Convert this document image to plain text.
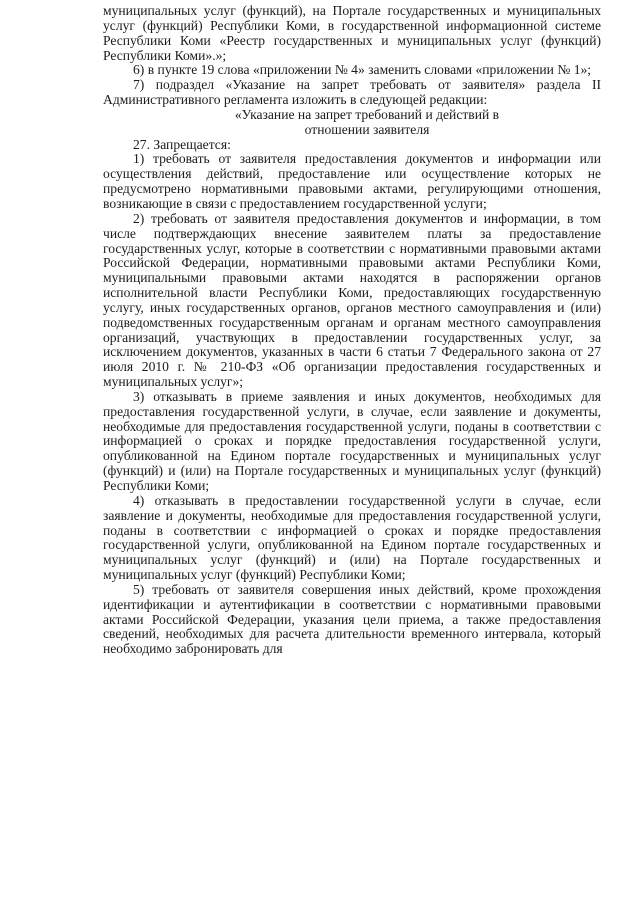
муниципальных услуг (функций), на Портале государственных и муниципальных услуг (функций) Республики Коми, в государственной информационной системе Республики Коми «Реестр государственных и муниципальных услуг (функций) Республики Коми».»;

6) в пункте 19 слова «приложении № 4» заменить словами «приложении № 1»;

7) подраздел «Указание на запрет требовать от заявителя» раздела II Административного регламента изложить в следующей редакции:

«Указание на запрет требований и действий в
отношении заявителя

27. Запрещается:

1) требовать от заявителя предоставления документов и информации или осуществления действий, предоставление или осуществление которых не предусмотрено нормативными правовыми актами, регулирующими отношения, возникающие в связи с предоставлением государственной услуги;

2) требовать от заявителя предоставления документов и информации, в том числе подтверждающих внесение заявителем платы за предоставление государственных услуг, которые в соответствии с нормативными правовыми актами Российской Федерации, нормативными правовыми актами Республики Коми, муниципальными правовыми актами находятся в распоряжении органов исполнительной власти Республики Коми, предоставляющих государственную услугу, иных государственных органов, органов местного самоуправления и (или) подведомственных государственным органам и органам местного самоуправления организаций, участвующих в предоставлении государственных услуг, за исключением документов, указанных в части 6 статьи 7 Федерального закона от 27 июля 2010 г. № 210-ФЗ «Об организации предоставления государственных и муниципальных услуг»;

3) отказывать в приеме заявления и иных документов, необходимых для предоставления государственной услуги, в случае, если заявление и документы, необходимые для предоставления государственной услуги, поданы в соответствии с информацией о сроках и порядке предоставления государственной услуги, опубликованной на Едином портале государственных и муниципальных услуг (функций) и (или) на Портале государственных и муниципальных услуг (функций) Республики Коми;

4) отказывать в предоставлении государственной услуги в случае, если заявление и документы, необходимые для предоставления государственной услуги, поданы в соответствии с информацией о сроках и порядке предоставления государственной услуги, опубликованной на Едином портале государственных и муниципальных услуг (функций) и (или) на Портале государственных и муниципальных услуг (функций) Республики Коми;

5) требовать от заявителя совершения иных действий, кроме прохождения идентификации и аутентификации в соответствии с нормативными правовыми актами Российской Федерации, указания цели приема, а также предоставления сведений, необходимых для расчета длительности временного интервала, который необходимо забронировать для
